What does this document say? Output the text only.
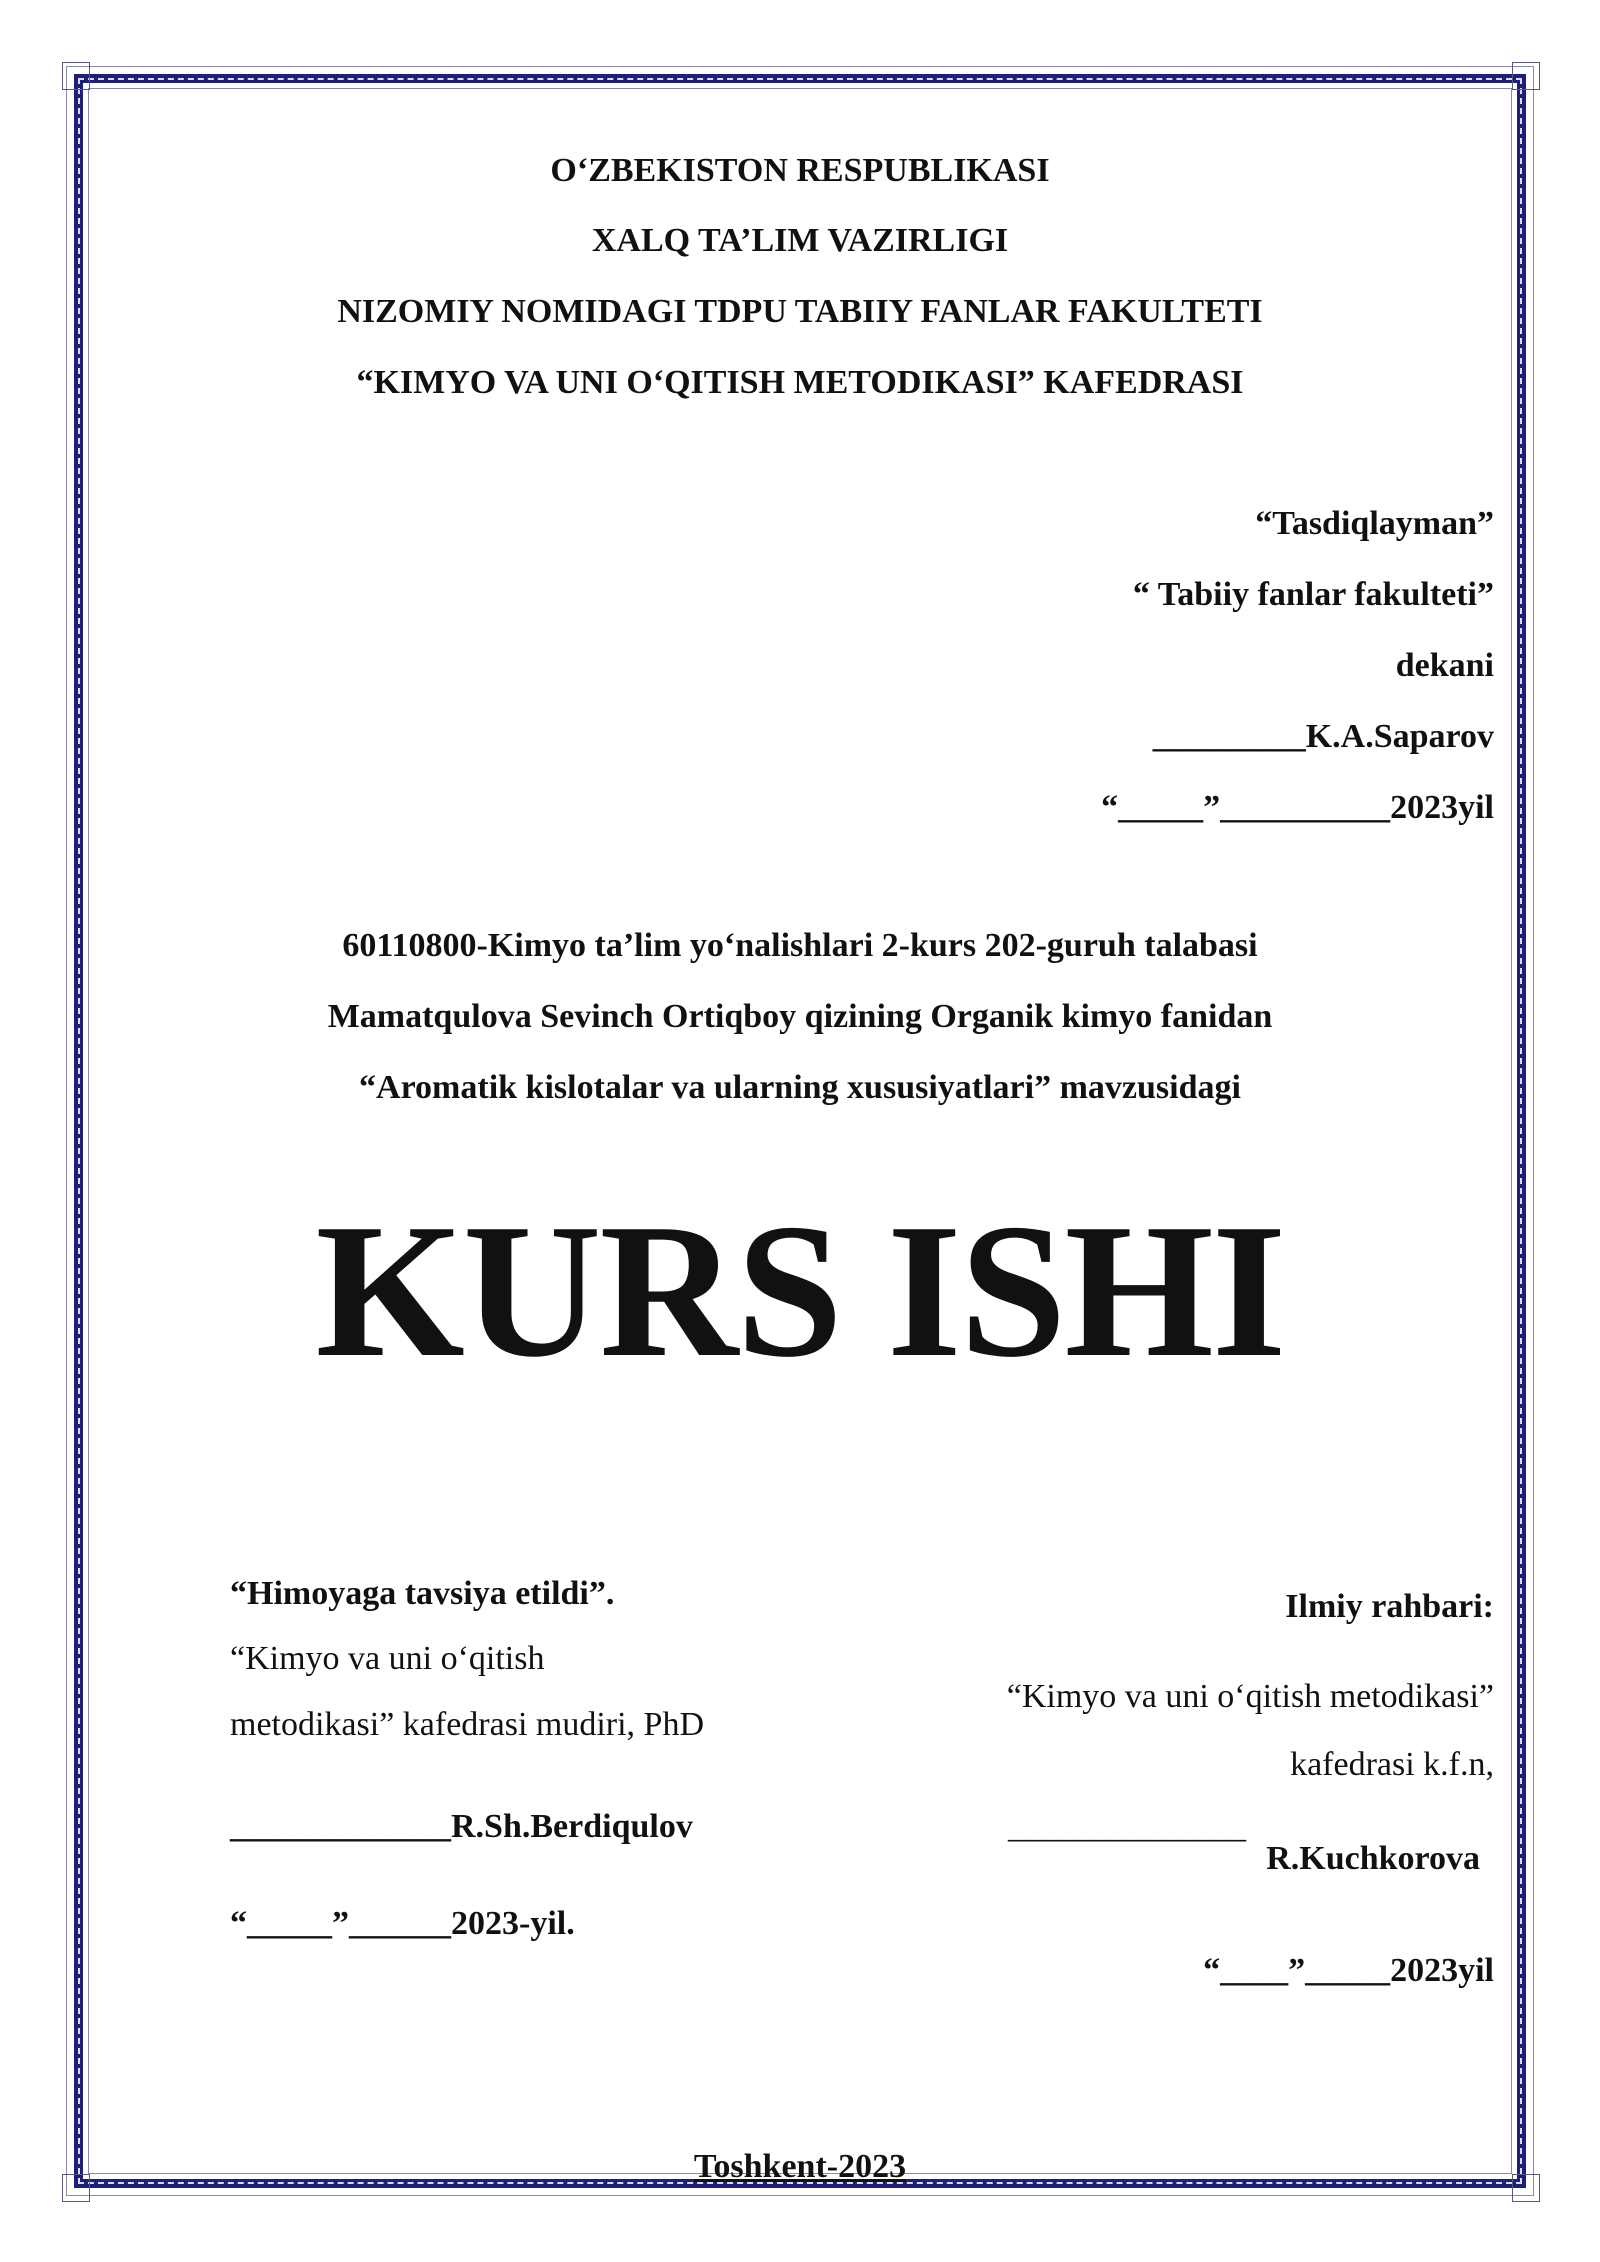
O‘ZBEKISTON RESPUBLIKASI
XALQ TA’LIM VAZIRLIGI
NIZOMIY NOMIDAGI TDPU TABIIY FANLAR FAKULTETI
“KIMYO VA UNI O‘QITISH METODIKASI” KAFEDRASI
“Tasdiqlayman”
“ Tabiiy fanlar fakulteti”
dekani
_________K.A.Saparov
“_____”__________2023yil
60110800-Kimyo ta’lim yo‘nalishlari 2-kurs 202-guruh talabasi
Mamatqulova Sevinch Ortiqboy qizining Organik kimyo fanidan
“Aromatik kislotalar va ularning xususiyatlari” mavzusidagi
KURS ISHI
“Himoyaga tavsiya etildi”.
“Kimyo va uni o‘qitish
metodikasi” kafedrasi mudiri, PhD
_____________R.Sh.Berdiqulov
“_____”______2023-yil.
Ilmiy rahbari:
“Kimyo va uni o‘qitish metodikasi”
kafedrasi k.f.n,
______________
R.Kuchkorova
“____”_____2023yil
Toshkent-2023
